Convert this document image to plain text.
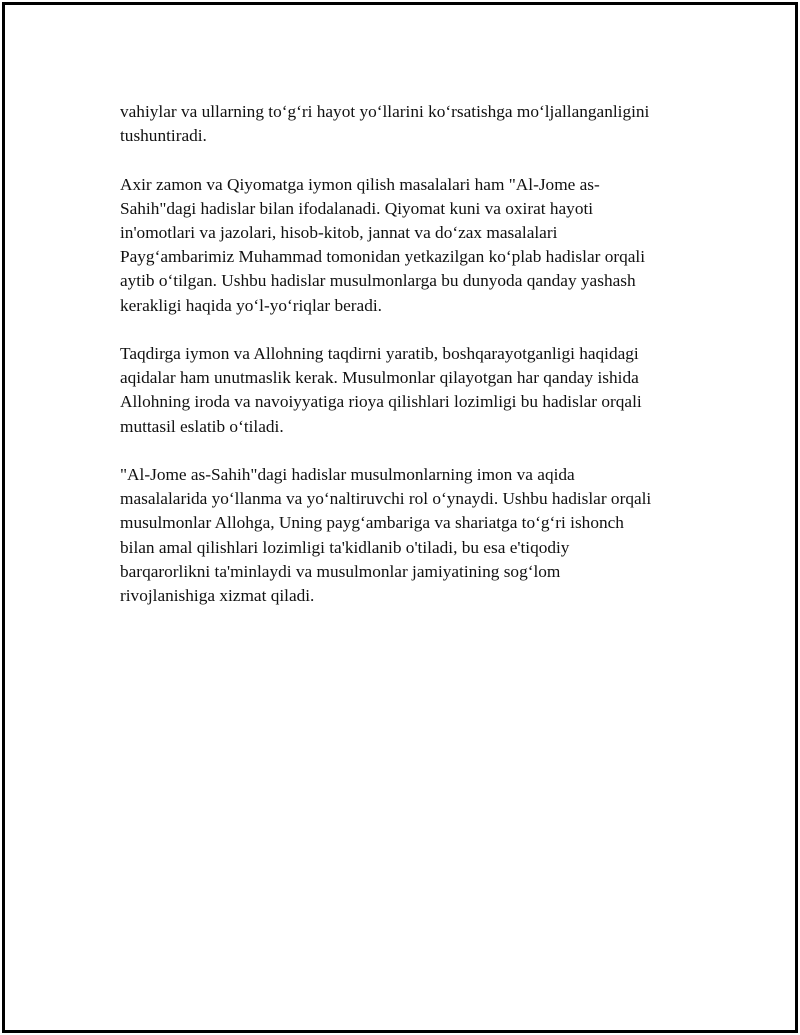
vahiylar va ullarning to‘g‘ri hayot yo‘llarini ko‘rsatishga mo‘ljallanganligini
tushuntiradi.

Axir zamon va Qiyomatga iymon qilish masalalari ham "Al-Jome as-
Sahih"dagi hadislar bilan ifodalanadi. Qiyomat kuni va oxirat hayoti
in'omotlari va jazolari, hisob-kitob, jannat va do‘zax masalalari
Payg‘ambarimiz Muhammad tomonidan yetkazilgan ko‘plab hadislar orqali
aytib o‘tilgan. Ushbu hadislar musulmonlarga bu dunyoda qanday yashash
kerakligi haqida yo‘l-yo‘riqlar beradi.

Taqdirga iymon va Allohning taqdirni yaratib, boshqarayotganligi haqidagi
aqidalar ham unutmaslik kerak. Musulmonlar qilayotgan har qanday ishida
Allohning iroda va navoiyyatiga rioya qilishlari lozimligi bu hadislar orqali
muttasil eslatib o‘tiladi.

"Al-Jome as-Sahih"dagi hadislar musulmonlarning imon va aqida
masalalarida yo‘llanma va yo‘naltiruvchi rol o‘ynaydi. Ushbu hadislar orqali
musulmonlar Allohga, Uning payg‘ambariga va shariatga to‘g‘ri ishonch
bilan amal qilishlari lozimligi ta'kidlanib o'tiladi, bu esa e'tiqodiy
barqarorlikni ta'minlaydi va musulmonlar jamiyatining sog‘lom
rivojlanishiga xizmat qiladi.
